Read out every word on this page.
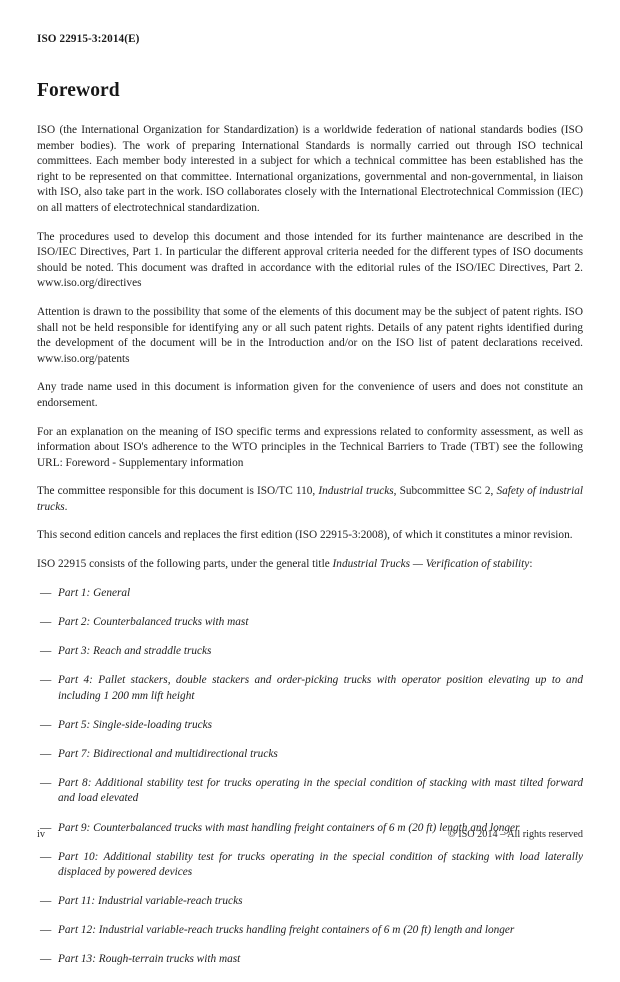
ISO 22915-3:2014(E)
Foreword

ISO (the International Organization for Standardization) is a worldwide federation of national standards bodies (ISO member bodies). The work of preparing International Standards is normally carried out through ISO technical committees. Each member body interested in a subject for which a technical committee has been established has the right to be represented on that committee. International organizations, governmental and non-governmental, in liaison with ISO, also take part in the work. ISO collaborates closely with the International Electrotechnical Commission (IEC) on all matters of electrotechnical standardization.

The procedures used to develop this document and those intended for its further maintenance are described in the ISO/IEC Directives, Part 1. In particular the different approval criteria needed for the different types of ISO documents should be noted. This document was drafted in accordance with the editorial rules of the ISO/IEC Directives, Part 2. www.iso.org/directives

Attention is drawn to the possibility that some of the elements of this document may be the subject of patent rights. ISO shall not be held responsible for identifying any or all such patent rights. Details of any patent rights identified during the development of the document will be in the Introduction and/or on the ISO list of patent declarations received. www.iso.org/patents

Any trade name used in this document is information given for the convenience of users and does not constitute an endorsement.

For an explanation on the meaning of ISO specific terms and expressions related to conformity assessment, as well as information about ISO's adherence to the WTO principles in the Technical Barriers to Trade (TBT) see the following URL: Foreword - Supplementary information

The committee responsible for this document is ISO/TC 110, Industrial trucks, Subcommittee SC 2, Safety of industrial trucks.

This second edition cancels and replaces the first edition (ISO 22915-3:2008), of which it constitutes a minor revision.

ISO 22915 consists of the following parts, under the general title Industrial Trucks — Verification of stability:

— Part 1: General
— Part 2: Counterbalanced trucks with mast
— Part 3: Reach and straddle trucks
— Part 4: Pallet stackers, double stackers and order-picking trucks with operator position elevating up to and including 1 200 mm lift height
— Part 5: Single-side-loading trucks
— Part 7: Bidirectional and multidirectional trucks
— Part 8: Additional stability test for trucks operating in the special condition of stacking with mast tilted forward and load elevated
— Part 9: Counterbalanced trucks with mast handling freight containers of 6 m (20 ft) length and longer
— Part 10: Additional stability test for trucks operating in the special condition of stacking with load laterally displaced by powered devices
— Part 11: Industrial variable-reach trucks
— Part 12: Industrial variable-reach trucks handling freight containers of 6 m (20 ft) length and longer
— Part 13: Rough-terrain trucks with mast
iv	© ISO 2014 – All rights reserved
